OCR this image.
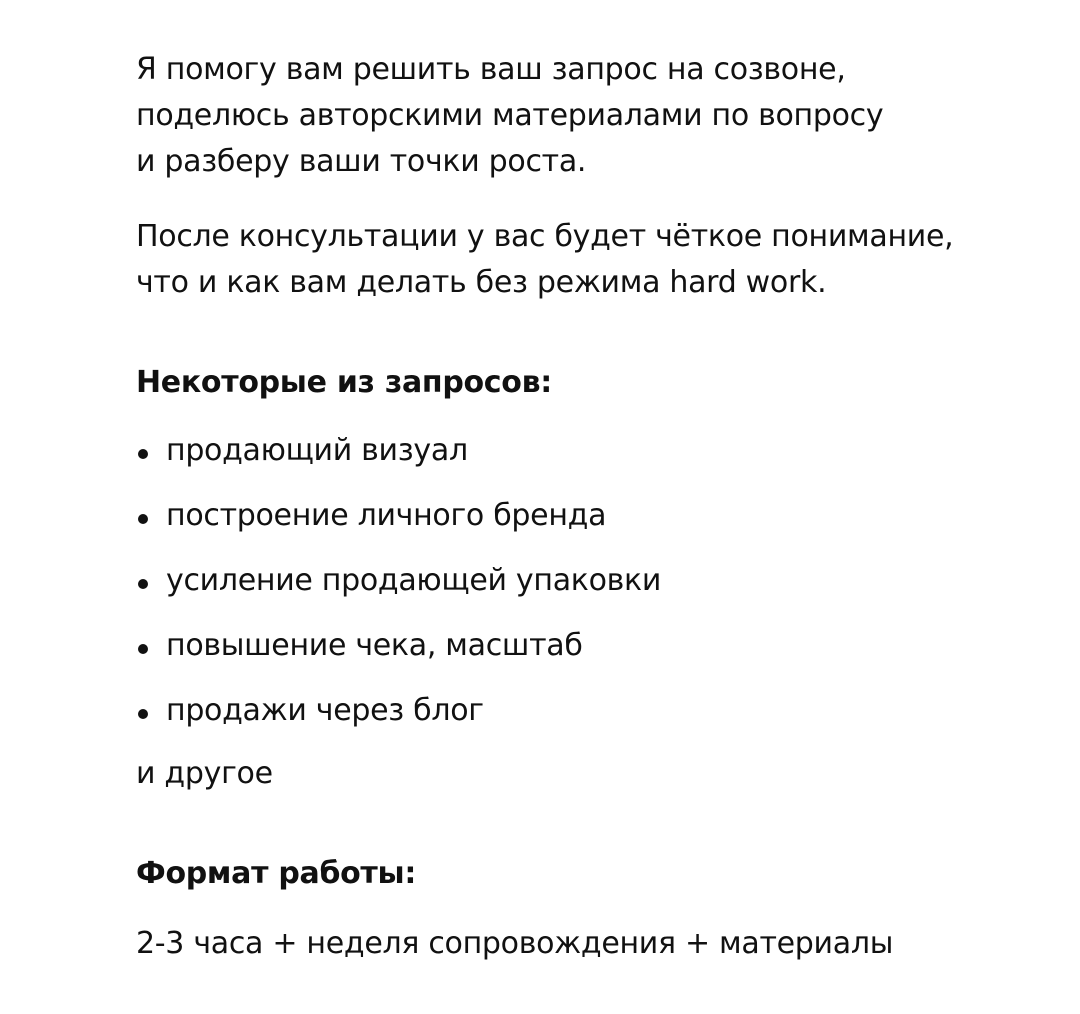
Я помогу вам решить ваш запрос на созвоне,
поделюсь авторскими материалами по вопросу
и разберу ваши точки роста.

После консультации у вас будет чёткое понимание,
что и как вам делать без режима hard work.

Некоторые из запросов:
продающий визуал
построение личного бренда
усиление продающей упаковки
повышение чека, масштаб
продажи через блог

и другое

Формат работы:

2-3 часа + неделя сопровождения + материалы
